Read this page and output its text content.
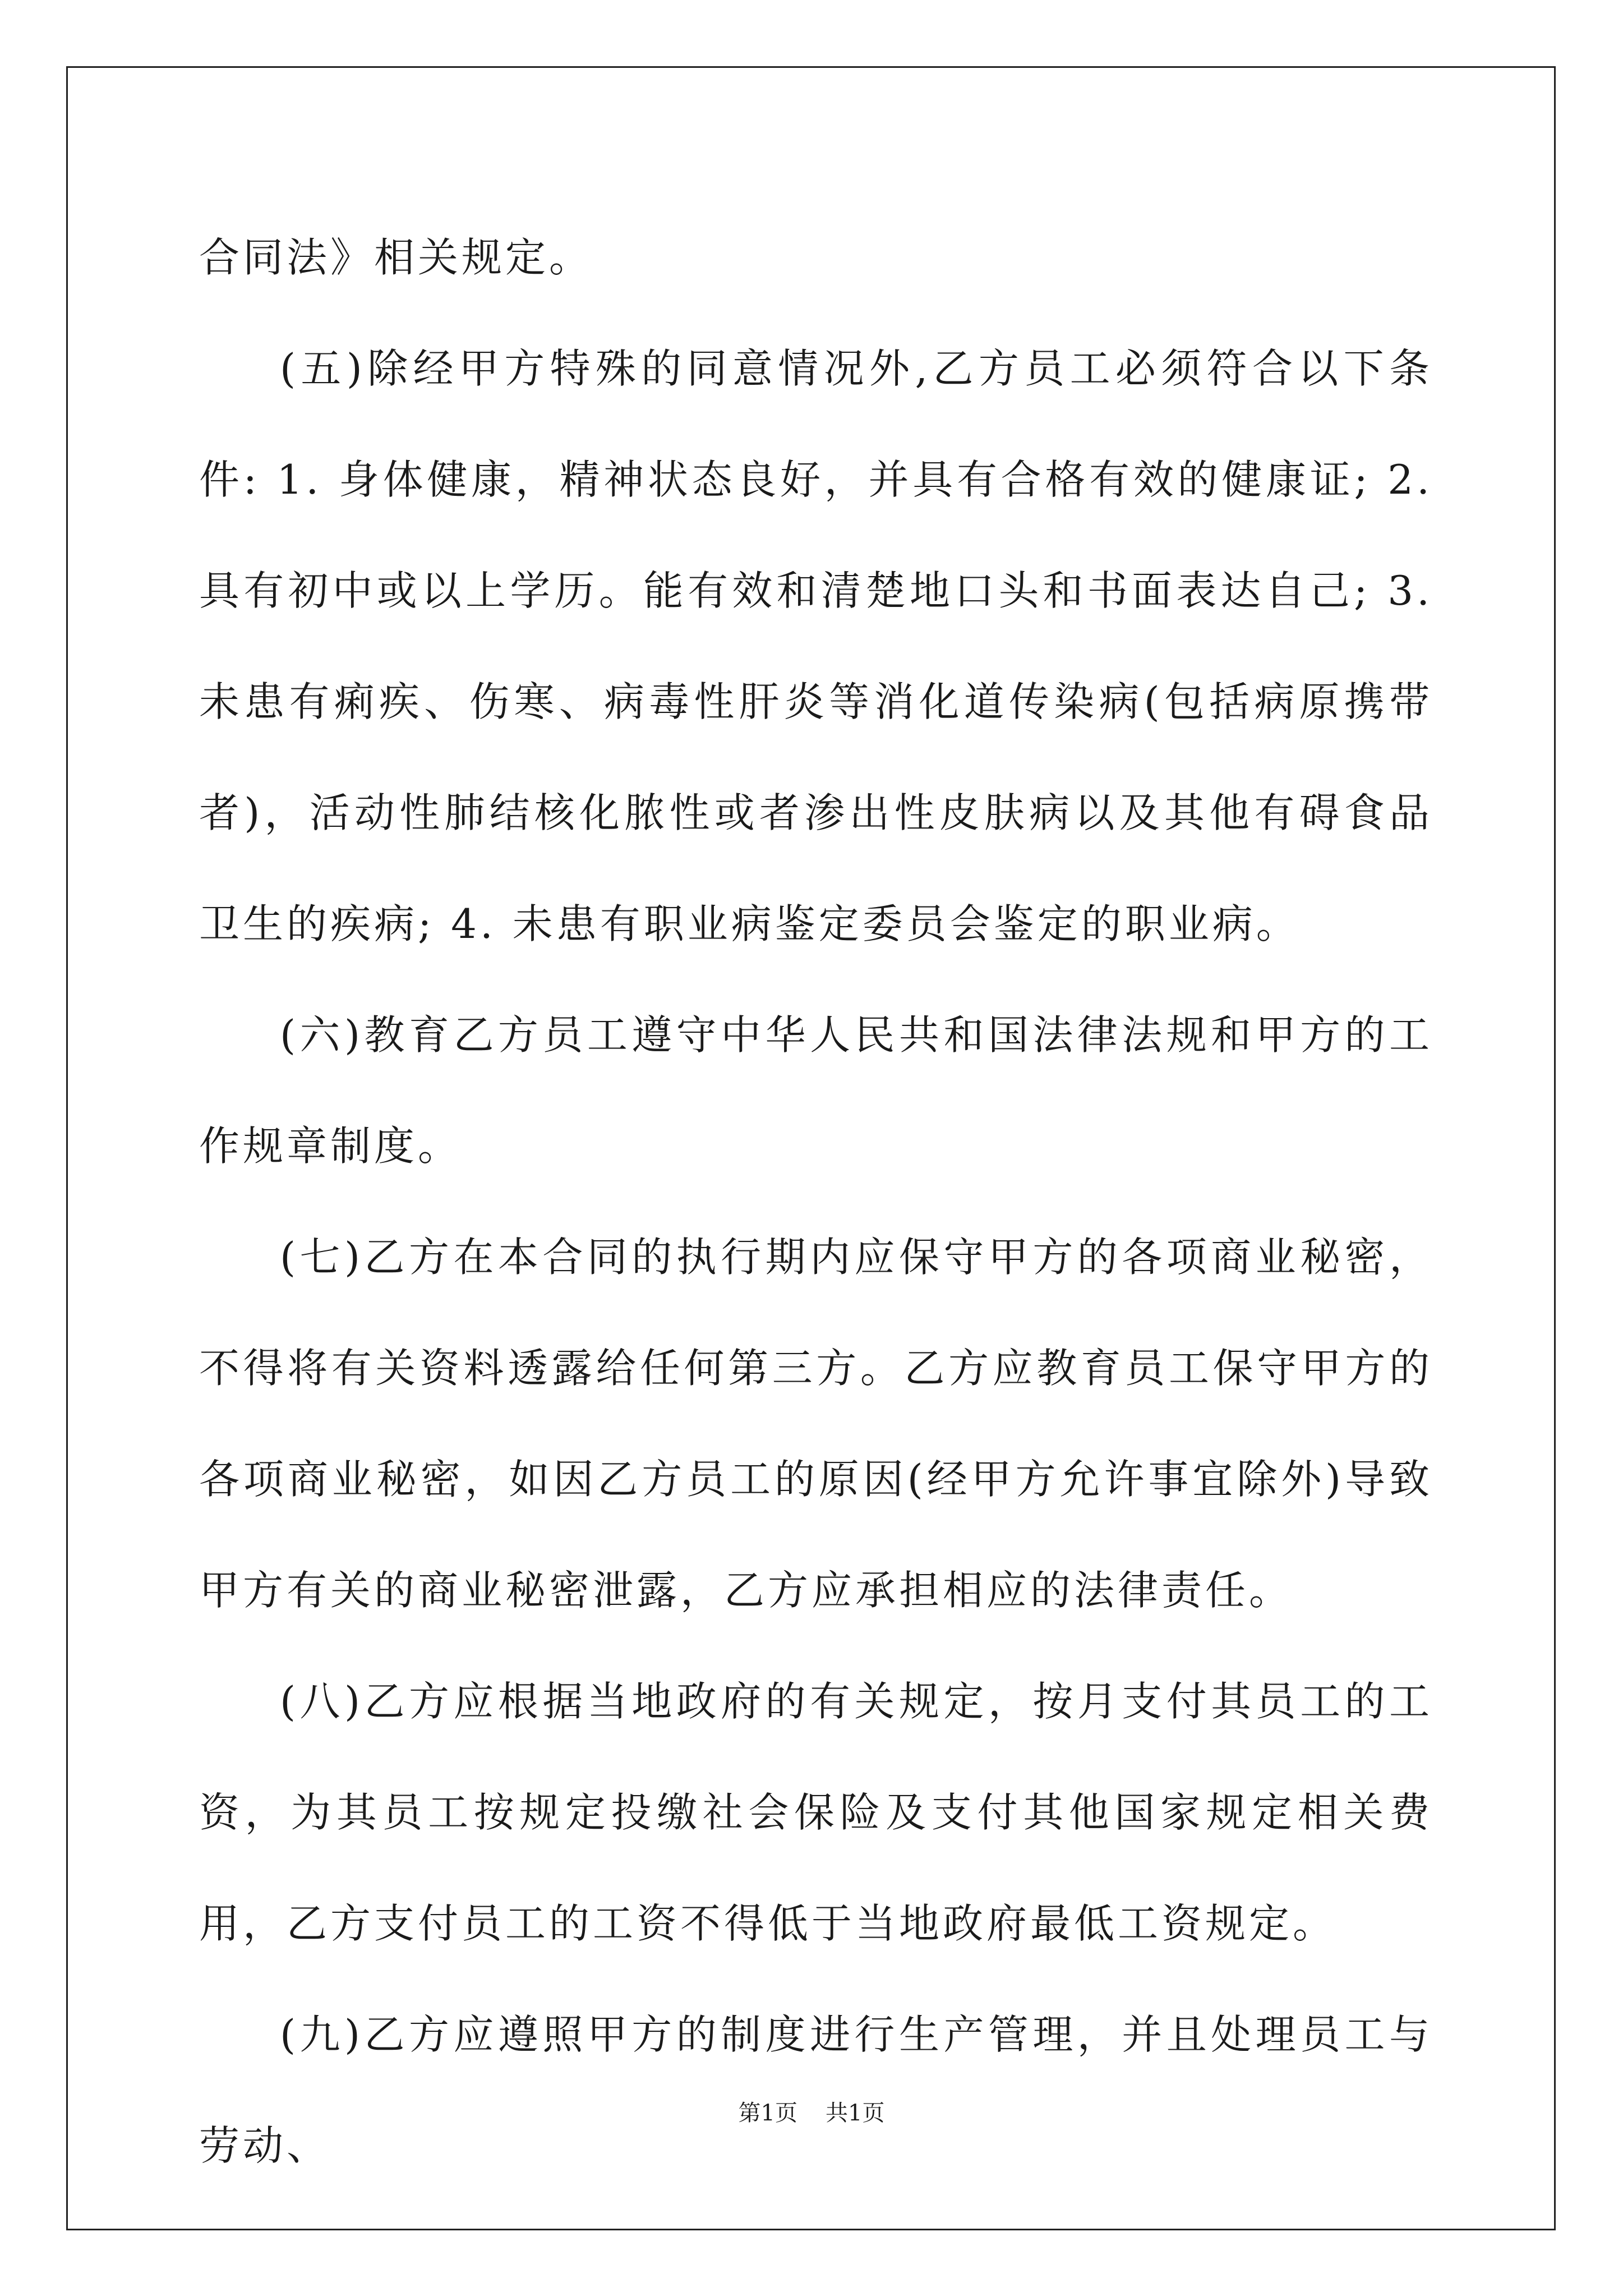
合同法》相关规定。

(五)除经甲方特殊的同意情况外,乙方员工必须符合以下条件: 1. 身体健康，精神状态良好，并具有合格有效的健康证; 2. 具有初中或以上学历。能有效和清楚地口头和书面表达自己; 3. 未患有痢疾、伤寒、病毒性肝炎等消化道传染病(包括病原携带者)，活动性肺结核化脓性或者渗出性皮肤病以及其他有碍食品卫生的疾病; 4. 未患有职业病鉴定委员会鉴定的职业病。

(六)教育乙方员工遵守中华人民共和国法律法规和甲方的工作规章制度。

(七)乙方在本合同的执行期内应保守甲方的各项商业秘密，不得将有关资料透露给任何第三方。乙方应教育员工保守甲方的各项商业秘密，如因乙方员工的原因(经甲方允许事宜除外)导致甲方有关的商业秘密泄露，乙方应承担相应的法律责任。

(八)乙方应根据当地政府的有关规定，按月支付其员工的工资，为其员工按规定投缴社会保险及支付其他国家规定相关费用，乙方支付员工的工资不得低于当地政府最低工资规定。

(九)乙方应遵照甲方的制度进行生产管理，并且处理员工与劳动、

第1页 共1页
